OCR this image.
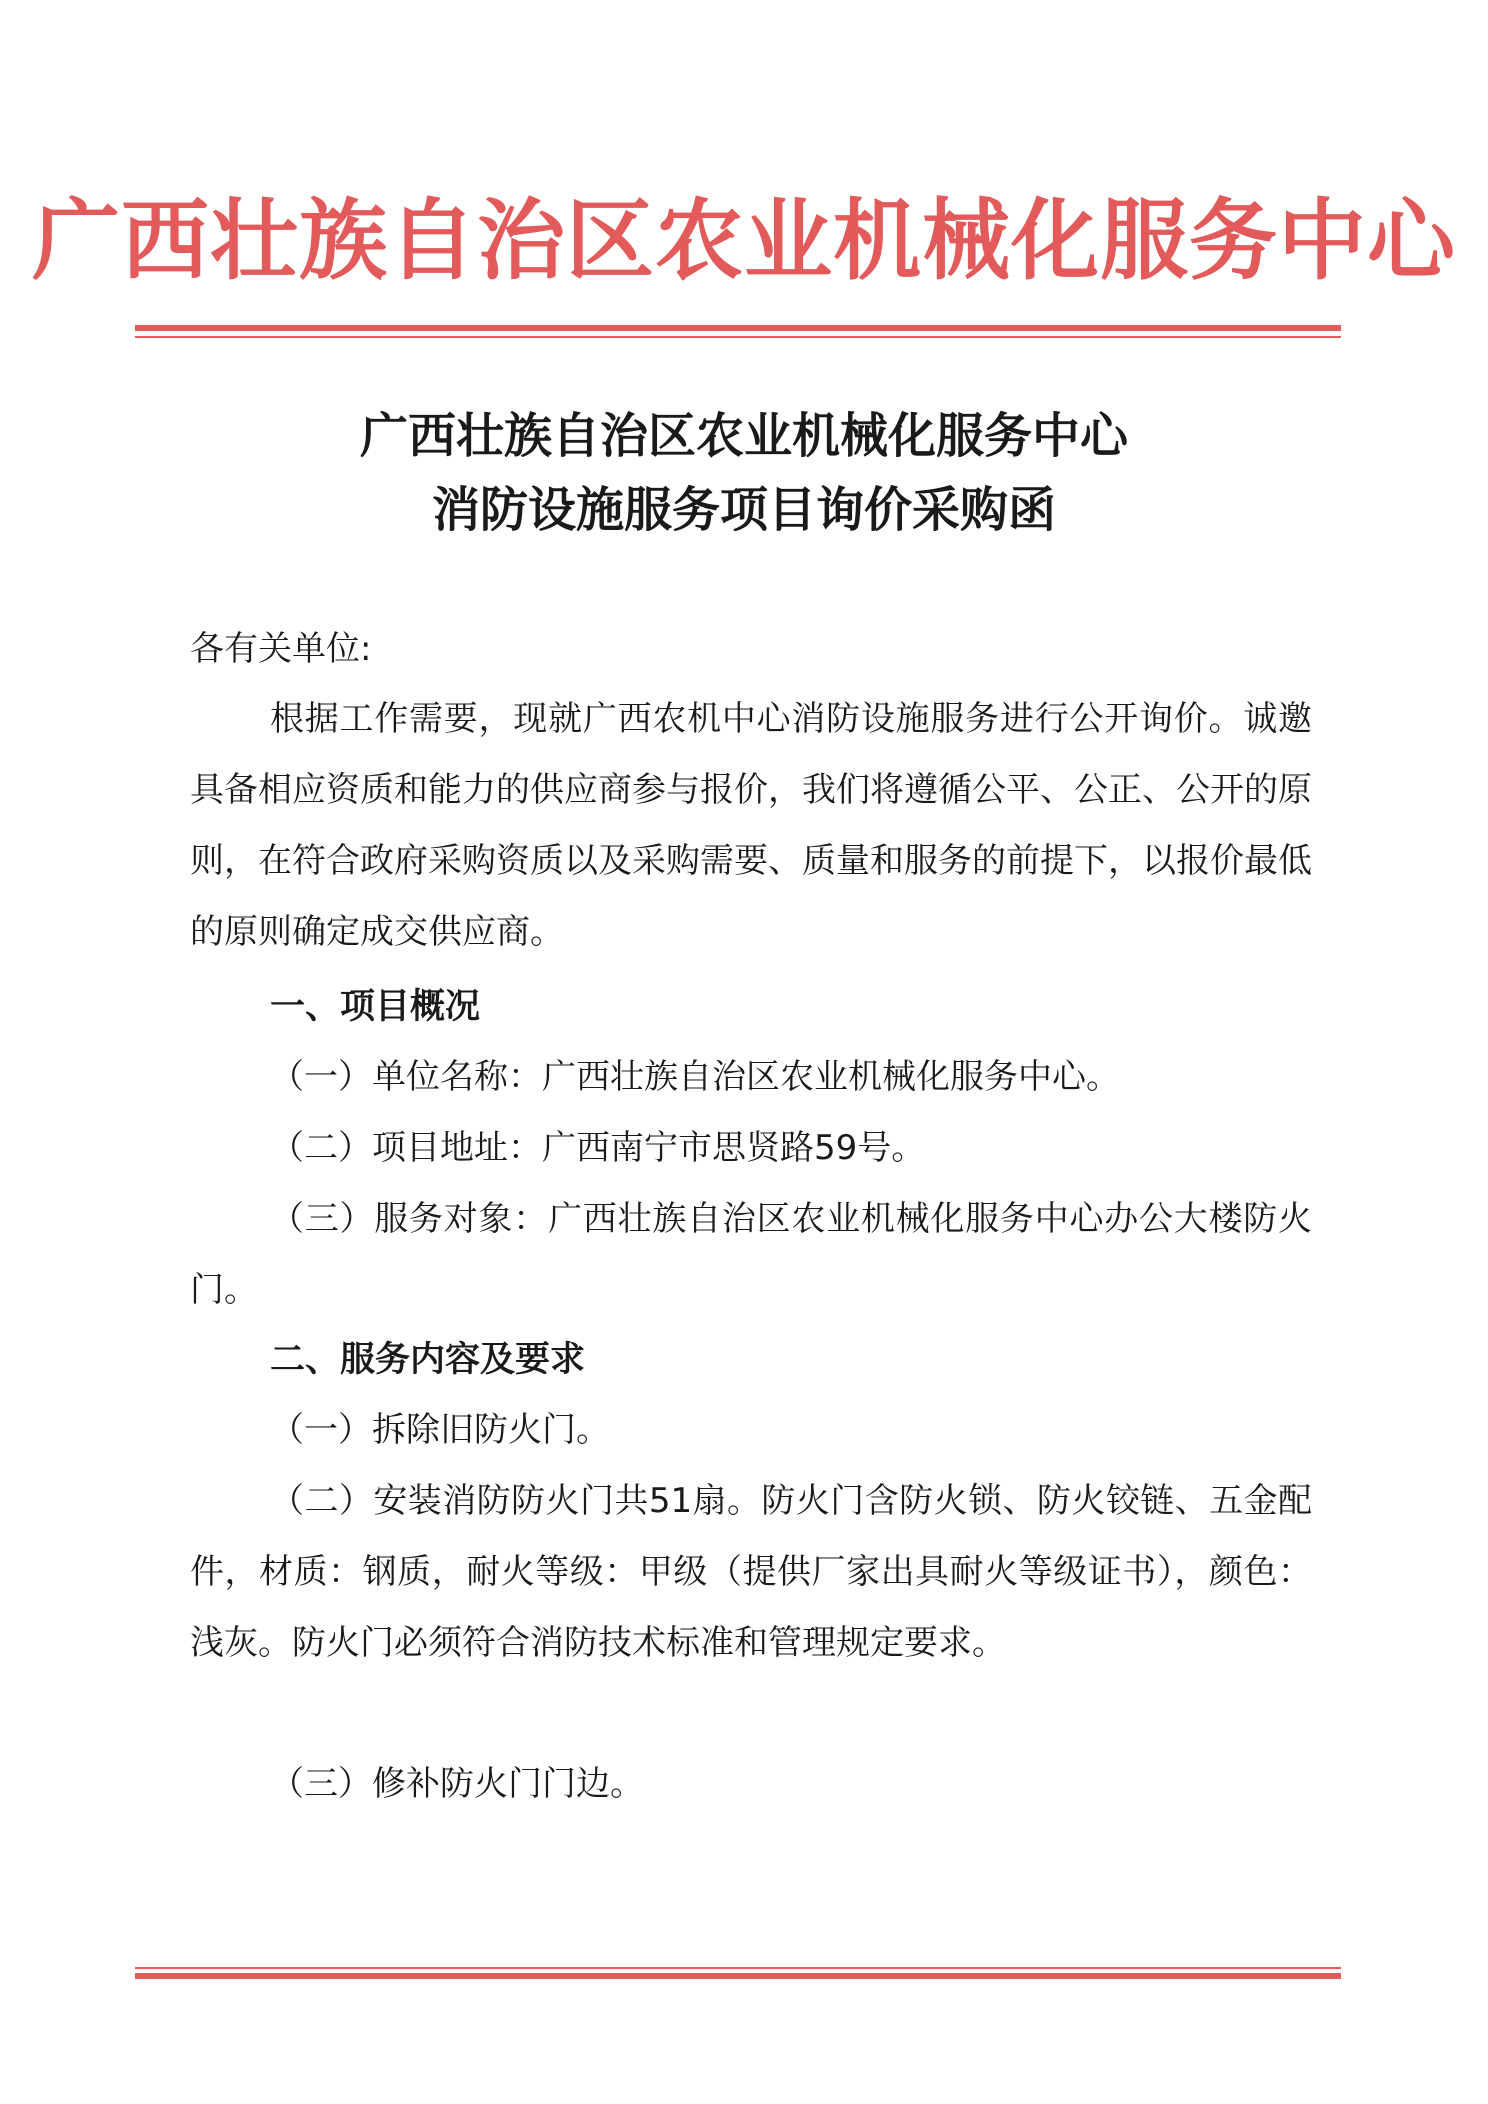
广西壮族自治区农业机械化服务中心
广西壮族自治区农业机械化服务中心
消防设施服务项目询价采购函
各有关单位:
根据工作需要，现就广西农机中心消防设施服务进行公开询价。诚邀具备相应资质和能力的供应商参与报价，我们将遵循公平、公正、公开的原则，在符合政府采购资质以及采购需要、质量和服务的前提下，以报价最低的原则确定成交供应商。
一、项目概况
（一）单位名称：广西壮族自治区农业机械化服务中心。
（二）项目地址：广西南宁市思贤路59号。
（三）服务对象：广西壮族自治区农业机械化服务中心办公大楼防火门。
二、服务内容及要求
（一）拆除旧防火门。
（二）安装消防防火门共51扇。防火门含防火锁、防火铰链、五金配件，材质：钢质，耐火等级：甲级（提供厂家出具耐火等级证书），颜色：浅灰。防火门必须符合消防技术标准和管理规定要求。
（三）修补防火门门边。
